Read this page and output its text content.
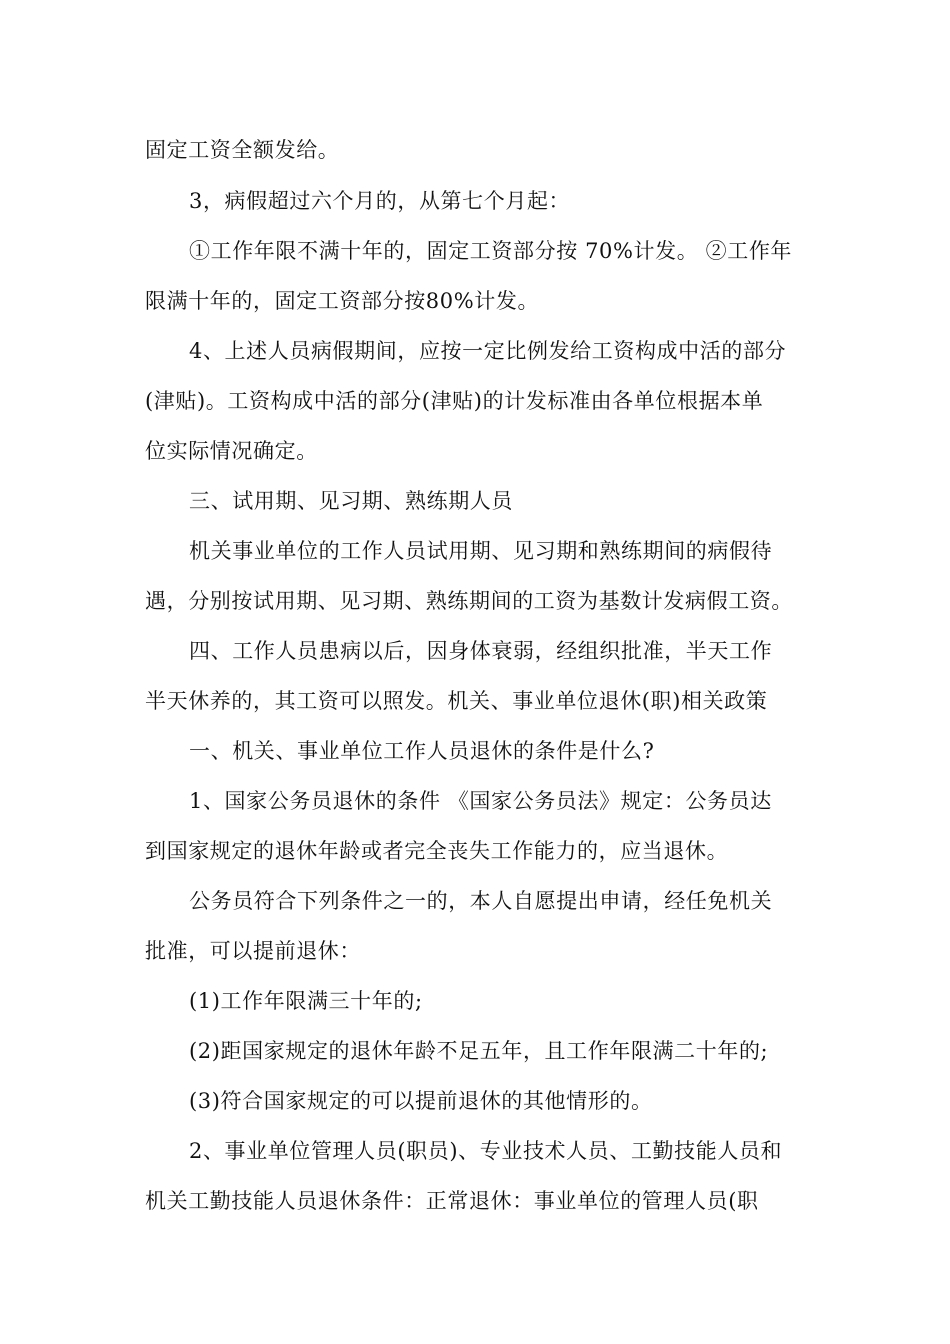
固定工资全额发给。
3，病假超过六个月的，从第七个月起：
①工作年限不满十年的，固定工资部分按 70%计发。 ②工作年
限满十年的，固定工资部分按80%计发。
4、上述人员病假期间，应按一定比例发给工资构成中活的部分
(津贴)。工资构成中活的部分(津贴)的计发标准由各单位根据本单
位实际情况确定。
三、试用期、见习期、熟练期人员
机关事业单位的工作人员试用期、见习期和熟练期间的病假待
遇，分别按试用期、见习期、熟练期间的工资为基数计发病假工资。
四、工作人员患病以后，因身体衰弱，经组织批准，半天工作
半天休养的，其工资可以照发。机关、事业单位退休(职)相关政策
一、机关、事业单位工作人员退休的条件是什么?
1、国家公务员退休的条件 《国家公务员法》规定：公务员达
到国家规定的退休年龄或者完全丧失工作能力的，应当退休。
公务员符合下列条件之一的，本人自愿提出申请，经任免机关
批准，可以提前退休：
(1)工作年限满三十年的;
(2)距国家规定的退休年龄不足五年，且工作年限满二十年的;
(3)符合国家规定的可以提前退休的其他情形的。
2、事业单位管理人员(职员)、专业技术人员、工勤技能人员和
机关工勤技能人员退休条件：正常退休：事业单位的管理人员(职
